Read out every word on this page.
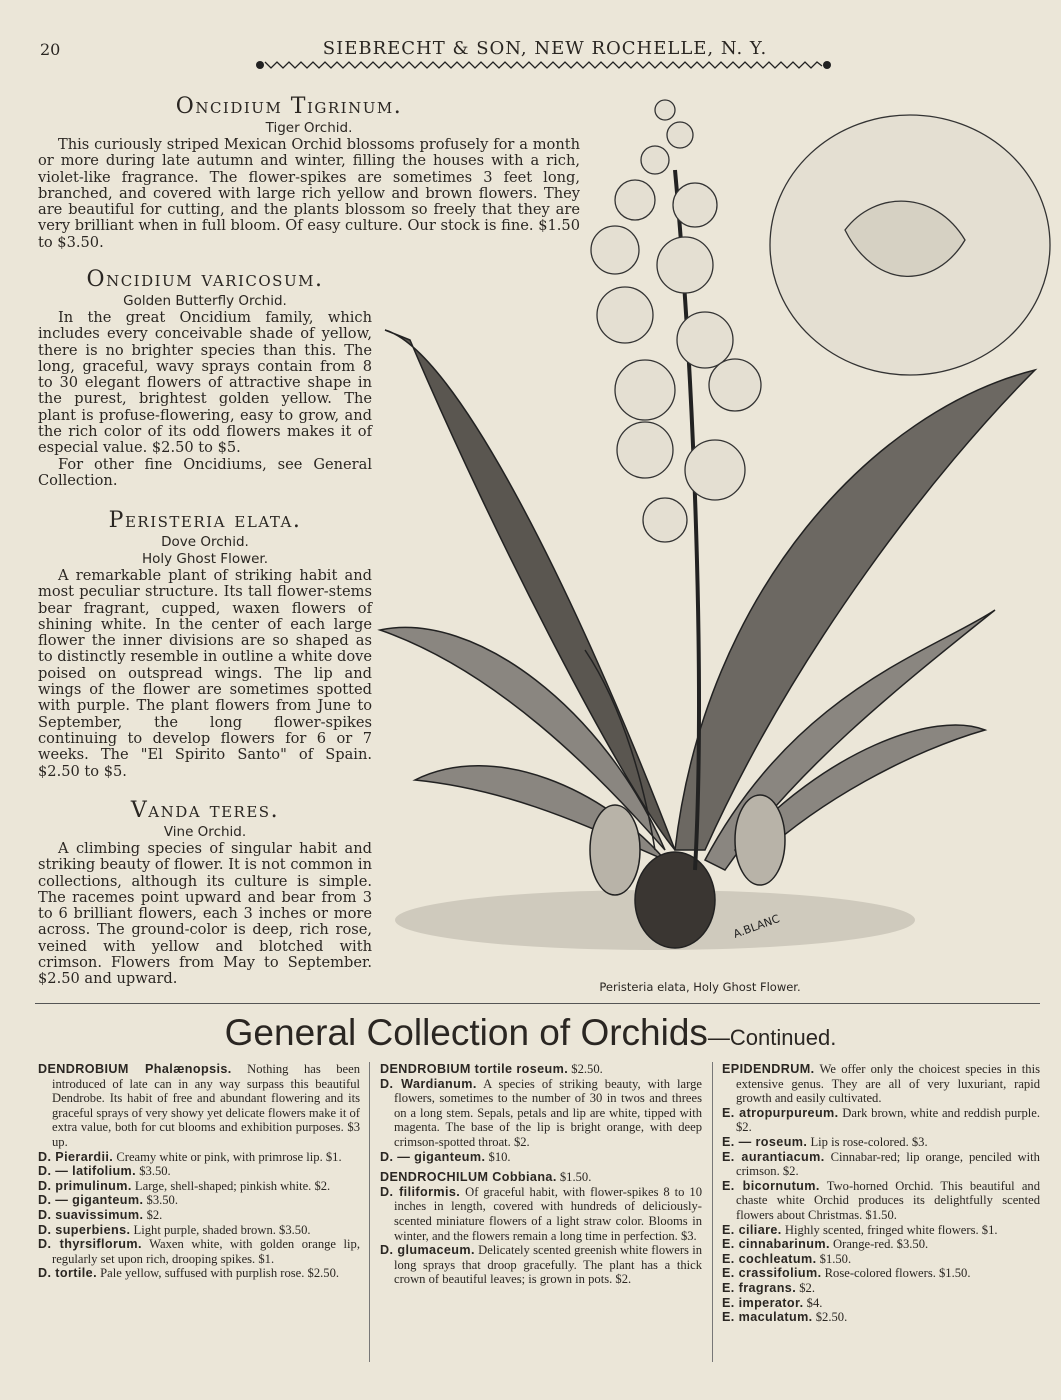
20	SIEBRECHT & SON, NEW ROCHELLE, N. Y.
Oncidium Tigrinum.
Tiger Orchid.

This curiously striped Mexican Orchid blossoms profusely for a month or more during late autumn and winter, filling the houses with a rich, violet-like fragrance. The flower-spikes are sometimes 3 feet long, branched, and covered with large rich yellow and brown flowers. They are beautiful for cutting, and the plants blossom so freely that they are very brilliant when in full bloom. Of easy culture. Our stock is fine. $1.50 to $3.50.

Oncidium varicosum.
Golden Butterfly Orchid.

In the great Oncidium family, which includes every conceivable shade of yellow, there is no brighter species than this. The long, graceful, wavy sprays contain from 8 to 30 elegant flowers of attractive shape in the purest, brightest golden yellow. The plant is profuse-flowering, easy to grow, and the rich color of its odd flowers makes it of especial value. $2.50 to $5.

For other fine Oncidiums, see General Collection.

Peristeria elata.
Dove Orchid.
Holy Ghost Flower.

A remarkable plant of striking habit and most peculiar structure. Its tall flower-stems bear fragrant, cupped, waxen flowers of shining white. In the center of each large flower the inner divisions are so shaped as to distinctly resemble in outline a white dove poised on outspread wings. The lip and wings of the flower are sometimes spotted with purple. The plant flowers from June to September, the long flower-spikes continuing to develop flowers for 6 or 7 weeks. The "El Spirito Santo" of Spain. $2.50 to $5.

Vanda teres.
Vine Orchid.

A climbing species of singular habit and striking beauty of flower. It is not common in collections, although its culture is simple. The racemes point upward and bear from 3 to 6 brilliant flowers, each 3 inches or more across. The ground-color is deep, rich rose, veined with yellow and blotched with crimson. Flowers from May to September. $2.50 and upward.

A.BLANC
Peristeria elata, Holy Ghost Flower.
General Collection of Orchids—Continued.

DENDROBIUM Phalænopsis. Nothing has been introduced of late can in any way surpass this beautiful Dendrobe. Its habit of free and abundant flowering and its graceful sprays of very showy yet delicate flowers make it of extra value, both for cut blooms and exhibition purposes. $3 up.

D. Pierardii. Creamy white or pink, with primrose lip. $1.

D. — latifolium. $3.50.

D. primulinum. Large, shell-shaped; pinkish white. $2.

D. — giganteum. $3.50.

D. suavissimum. $2.

D. superbiens. Light purple, shaded brown. $3.50.

D. thyrsiflorum. Waxen white, with golden orange lip, regularly set upon rich, drooping spikes. $1.

D. tortile. Pale yellow, suffused with purplish rose. $2.50.

DENDROBIUM tortile roseum. $2.50.

D. Wardianum. A species of striking beauty, with large flowers, sometimes to the number of 30 in twos and threes on a long stem. Sepals, petals and lip are white, tipped with magenta. The base of the lip is bright orange, with deep crimson-spotted throat. $2.

D. — giganteum. $10.

DENDROCHILUM Cobbiana. $1.50.

D. filiformis. Of graceful habit, with flower-spikes 8 to 10 inches in length, covered with hundreds of deliciously-scented miniature flowers of a light straw color. Blooms in winter, and the flowers remain a long time in perfection. $3.

D. glumaceum. Delicately scented greenish white flowers in long sprays that droop gracefully. The plant has a thick crown of beautiful leaves; is grown in pots. $2.

EPIDENDRUM. We offer only the choicest species in this extensive genus. They are all of very luxuriant, rapid growth and easily cultivated.

E. atropurpureum. Dark brown, white and reddish purple. $2.

E. — roseum. Lip is rose-colored. $3.

E. aurantiacum. Cinnabar-red; lip orange, penciled with crimson. $2.

E. bicornutum. Two-horned Orchid. This beautiful and chaste white Orchid produces its delightfully scented flowers about Christmas. $1.50.

E. ciliare. Highly scented, fringed white flowers. $1.

E. cinnabarinum. Orange-red. $3.50.

E. cochleatum. $1.50.

E. crassifolium. Rose-colored flowers. $1.50.

E. fragrans. $2.

E. imperator. $4.

E. maculatum. $2.50.
